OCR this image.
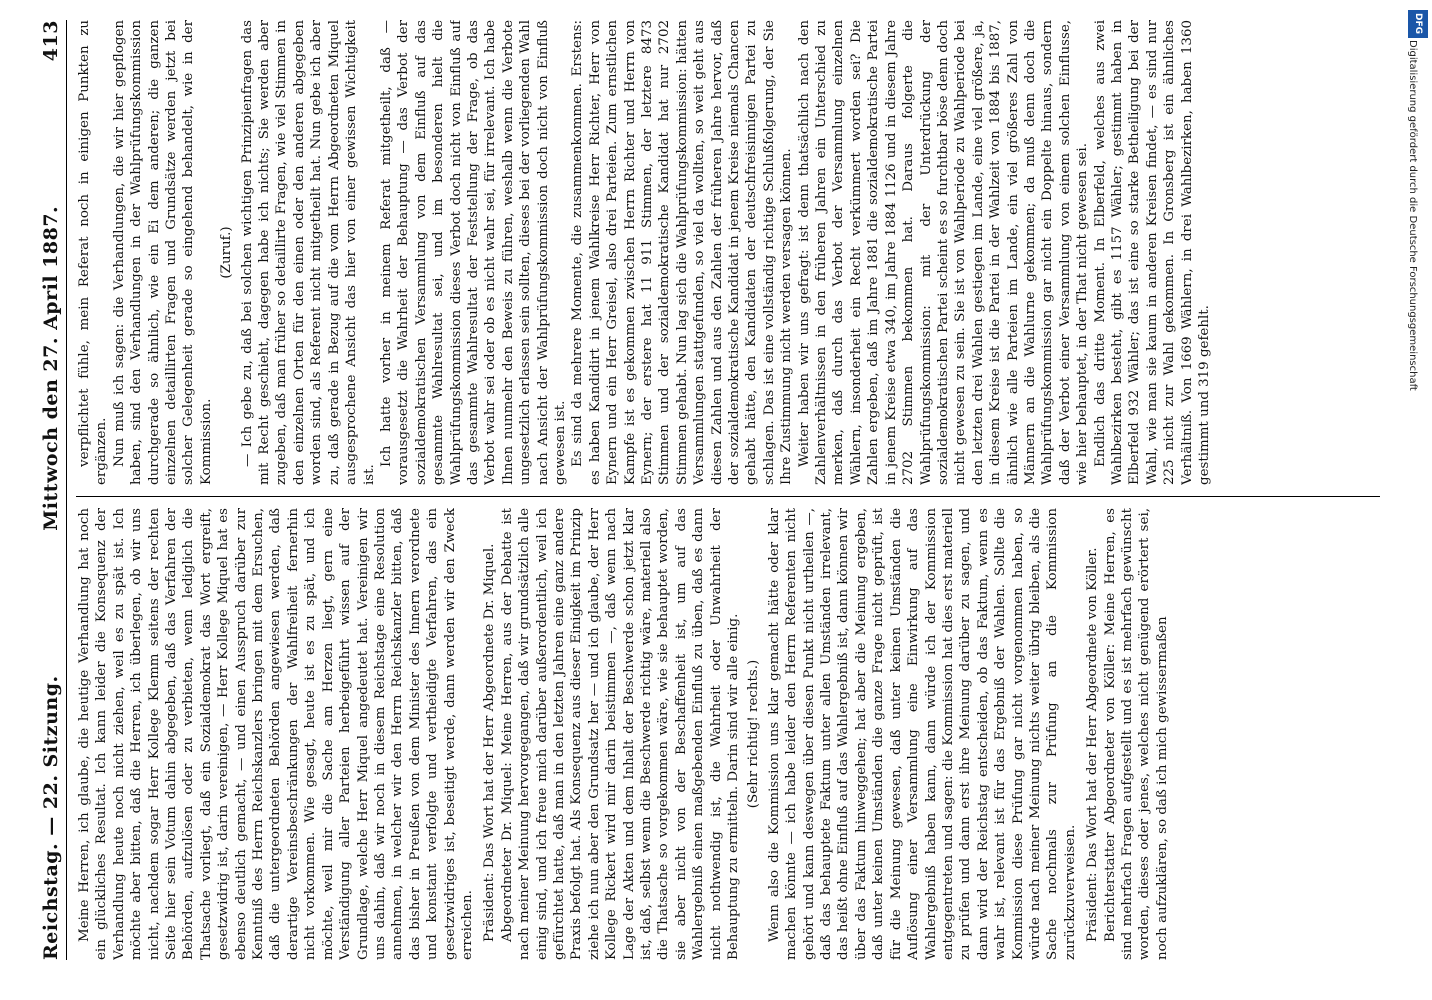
Reichstag. — 22. Sitzung.
Mittwoch den 27. April 1887.
413

Meine Herren, ich glaube, die heutige Verhandlung hat noch ein glückliches Resultat. Ich kann leider die Konsequenz der Verhandlung heute noch nicht ziehen, weil es zu spät ist. Ich möchte aber bitten, daß die Herren, ich überlegen, ob wir uns nicht, nachdem sogar Herr Kollege Klemm seitens der rechten Seite hier sein Votum dahin abgegeben, daß das Verfahren der Behörden, aufzulösen oder zu verbieten, wenn lediglich die Thatsache vorliegt, daß ein Sozialdemokrat das Wort ergreift, gesetzwidrig ist, darin vereinigen, — Herr Kollege Miquel hat es ebenso deutlich gemacht, — und einen Ausspruch darüber zur Kenntniß des Herrn Reichskanzlers bringen mit dem Ersuchen, daß die untergeordneten Behörden angewiesen werden, daß derartige Vereinsbeschränkungen der Wahlfreiheit fernerhin nicht vorkommen. Wie gesagt, heute ist es zu spät, und ich möchte, weil mir die Sache am Herzen liegt, gern eine Verständigung aller Parteien herbeigeführt wissen auf der Grundlage, welche Herr Miquel angedeutet hat. Vereinigen wir uns dahin, daß wir noch in diesem Reichstage eine Resolution annehmen, in welcher wir den Herrn Reichskanzler bitten, daß das bisher in Preußen von dem Minister des Innern verordnete und konstant verfolgte und vertheidigte Verfahren, das ein gesetzwidriges ist, beseitigt werde, dann werden wir den Zweck erreichen. Präsident: Das Wort hat der Herr Abgeordnete Dr. Miquel. Abgeordneter Dr. Miquel: Meine Herren, aus der Debatte ist nach meiner Meinung hervorgegangen, daß wir grundsätzlich alle einig sind, und ich freue mich darüber außerordentlich, weil ich gefürchtet hatte, daß man in den letzten Jahren eine ganz andere Praxis befolgt hat. Als Konsequenz aus dieser Einigkeit im Prinzip ziehe ich nun aber den Grundsatz her — und ich glaube, der Herr Kollege Rickert wird mir darin beistimmen —, daß wenn nach Lage der Akten und dem Inhalt der Beschwerde schon jetzt klar ist, daß, selbst wenn die Beschwerde richtig wäre, materiell also die Thatsache so vorgekommen wäre, wie sie behauptet worden, sie aber nicht von der Beschaffenheit ist, um auf das Wahlergebniß einen maßgebenden Einfluß zu üben, daß es dann nicht nothwendig ist, die Wahrheit oder Unwahrheit der Behauptung zu ermitteln. Darin sind wir alle einig. (Sehr richtig! rechts.) Wenn also die Kommission uns klar gemacht hätte oder klar machen könnte — ich habe leider den Herrn Referenten nicht gehört und kann deswegen über diesen Punkt nicht urtheilen —, daß das behauptete Faktum unter allen Umständen irrelevant, das heißt ohne Einfluß auf das Wahlergebniß ist, dann können wir über das Faktum hinweggehen; hat aber die Meinung ergeben, daß unter keinen Umständen die ganze Frage nicht geprüft, ist für die Meinung gewesen, daß unter keinen Umständen die Auflösung einer Versammlung eine Einwirkung auf das Wahlergebniß haben kann, dann würde ich der Kommission entgegentreten und sagen: die Kommission hat dies erst materiell zu prüfen und dann erst ihre Meinung darüber zu sagen, und dann wird der Reichstag entscheiden, ob das Faktum, wenn es wahr ist, relevant ist für das Ergebniß der Wahlen. Sollte die Kommission diese Prüfung gar nicht vorgenommen haben, so würde nach meiner Meinung nichts weiter übrig bleiben, als die Sache nochmals zur Prüfung an die Kommission zurückzuverweisen. Präsident: Das Wort hat der Herr Abgeordnete von Köller. Berichterstatter Abgeordneter von Köller: Meine Herren, es sind mehrfach Fragen aufgestellt und es ist mehrfach gewünscht worden, dieses oder jenes, welches nicht genügend erörtert sei, noch aufzuklären, so daß ich mich gewissermaßen

verpflichtet fühle, mein Referat noch in einigen Punkten zu ergänzen. Nun muß ich sagen: die Verhandlungen, die wir hier gepflogen haben, sind den Verhandlungen in der Wahlprüfungskommission durchgerade so ähnlich, wie ein Ei dem anderen; die ganzen einzelnen detaillirten Fragen und Grundsätze werden jetzt bei solcher Gelegenheit gerade so eingehend behandelt, wie in der Kommission.

(Zuruf.) — Ich gebe zu, daß bei solchen wichtigen Prinzipienfragen das mit Recht geschieht, dagegen habe ich nichts; Sie werden aber zugeben, daß man früher so detaillirte Fragen, wie viel Stimmen in den einzelnen Orten für den einen oder den anderen abgegeben worden sind, als Referent nicht mitgetheilt hat. Nun gebe ich aber zu, daß gerade in Bezug auf die vom Herrn Abgeordneten Miquel ausgesprochene Ansicht das hier von einer gewissen Wichtigkeit ist.

Ich hatte vorher in meinem Referat mitgetheilt, daß — vorausgesetzt die Wahrheit der Behauptung — das Verbot der sozialdemokratischen Versammlung von dem Einfluß auf das gesammte Wahlresultat sei, und im besonderen hielt die Wahlprüfungskommission dieses Verbot doch nicht von Einfluß auf das gesammte Wahlresultat der Feststellung der Frage, ob das Verbot wahr sei oder ob es nicht wahr sei, für irrelevant. Ich habe Ihnen nunmehr den Beweis zu führen, weshalb wenn die Verbote ungesetzlich erlassen sein sollten, dieses bei der vorliegenden Wahl nach Ansicht der Wahlprüfungskommission doch nicht von Einfluß gewesen ist. Es sind da mehrere Momente, die zusammenkommen. Erstens: es haben Kandidirt in jenem Wahlkreise Herr Richter, Herr von Eynern und ein Herr Greisel, also drei Parteien. Zum ernstlichen Kampfe ist es gekommen zwischen Herrn Richter und Herrn von Eynern; der erstere hat 11 911 Stimmen, der letztere 8473 Stimmen und der sozialdemokratische Kandidat hat nur 2702 Stimmen gehabt. Nun lag sich die Wahlprüfungskommission: hätten Versammlungen stattgefunden, so viel da wollten, so weit geht aus diesen Zahlen und aus den Zahlen der früheren Jahre hervor, daß der sozialdemokratische Kandidat in jenem Kreise niemals Chancen gehabt hätte, den Kandidaten der deutschfreisinnigen Partei zu schlagen. Das ist eine vollständig richtige Schlußfolgerung, der Sie Ihre Zustimmung nicht werden versagen können. Weiter haben wir uns gefragt: ist denn thatsächlich nach den Zahlenverhältnissen in den früheren Jahren ein Unterschied zu merken, daß durch das Verbot der Versammlung einzelnen Wählern, insonderheit ein Recht verkümmert worden sei? Die Zahlen ergeben, daß im Jahre 1881 die sozialdemokratische Partei in jenem Kreise etwa 340, im Jahre 1884 1126 und in diesem Jahre 2702 Stimmen bekommen hat. Daraus folgerte die Wahlprüfungskommission: mit der Unterdrückung der sozialdemokratischen Partei scheint es so furchtbar böse denn doch nicht gewesen zu sein. Sie ist von Wahlperiode zu Wahlperiode bei den letzten drei Wahlen gestiegen im Lande, eine viel größere, ja, in diesem Kreise ist die Partei in der Wahlzeit von 1884 bis 1887, ähnlich wie alle Parteien im Lande, ein viel größeres Zahl von Männern an die Wahlurne gekommen; da muß denn doch die Wahlprüfungskommission gar nicht ein Doppelte hinaus, sondern daß der Verbot einer Versammlung von einem solchen Einflusse, wie hier behauptet, in der That nicht gewesen sei. Endlich das dritte Moment. In Elberfeld, welches aus zwei Wahlbezirken besteht, gibt es 1157 Wähler; gestimmt haben in Elberfeld 932 Wähler; das ist eine so starke Betheiligung bei der Wahl, wie man sie kaum in anderen Kreisen findet, — es sind nur 225 nicht zur Wahl gekommen. In Gronsberg ist ein ähnliches Verhältniß. Von 1669 Wählern, in drei Wahlbezirken, haben 1360 gestimmt und 319 gefehlt.

DFG
Digitalisierung gefördert durch die Deutsche Forschungsgemeinschaft
